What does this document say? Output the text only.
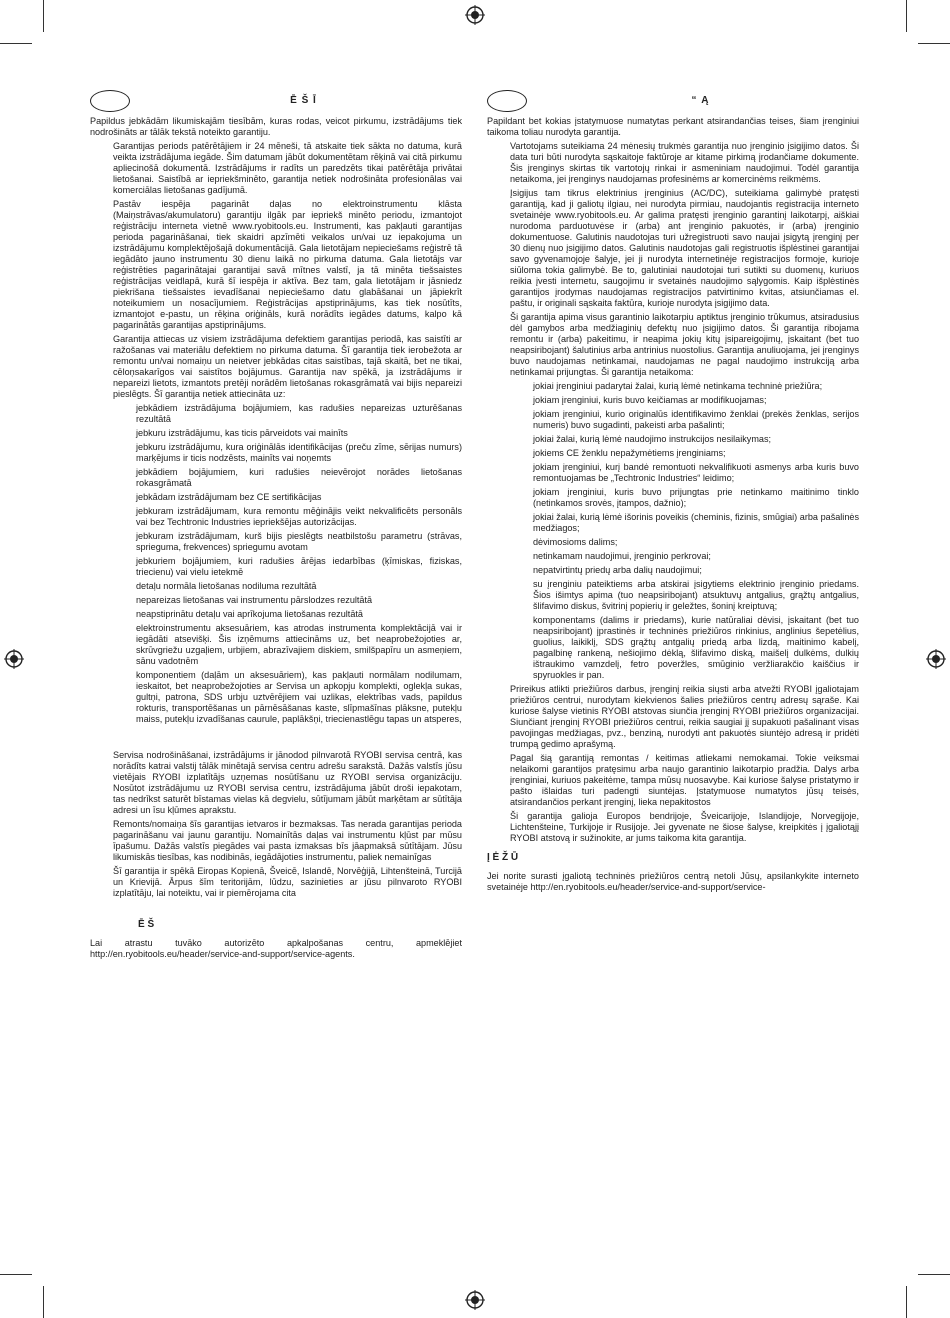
Ē Š Ī

Papildus jebkādām likumiskajām tiesībām, kuras rodas, veicot pirkumu, izstrādājums tiek nodrošināts ar tālāk tekstā noteikto garantiju.

Garantijas periods patērētājiem ir 24 mēneši, tā atskaite tiek sākta no datuma, kurā veikta izstrādājuma iegāde. Šim datumam jābūt dokumentētam rēķinā vai citā pirkumu apliecinošā dokumentā. Izstrādājums ir radīts un paredzēts tikai patērētāja privātai lietošanai. Saistībā ar iepriekšminēto, garantija netiek nodrošināta profesionālas vai komerciālas lietošanas gadījumā.

Pastāv iespēja pagarināt daļas no elektroinstrumentu klāsta (Maiņstrāvas/akumulatoru) garantiju ilgāk par iepriekš minēto periodu, izmantojot reģistrāciju interneta vietnē www.ryobitools.eu. Instrumenti, kas pakļauti garantijas perioda pagarināšanai, tiek skaidri apzīmēti veikalos un/vai uz iepakojuma un izstrādājumu komplektējošajā dokumentācijā. Gala lietotājam nepieciešams reģistrē tā iegādāto jauno instrumentu 30 dienu laikā no pirkuma datuma. Gala lietotājs var reģistrēties pagarinātajai garantijai savā mītnes valstī, ja tā minēta tiešsaistes reģistrācijas veidlapā, kurā šī iespēja ir aktīva. Bez tam, gala lietotājam ir jāsniedz piekrišana tiešsaistes ievadīšanai nepieciešamo datu glabāšanai un jāpiekrīt noteikumiem un nosacījumiem. Reģistrācijas apstiprinājums, kas tiek nosūtīts, izmantojot e-pastu, un rēķina oriģināls, kurā norādīts iegādes datums, kalpo kā pagarinātās garantijas apstiprinājums.

Garantija attiecas uz visiem izstrādājuma defektiem garantijas periodā, kas saistīti ar ražošanas vai materiālu defektiem no pirkuma datuma. Šī garantija tiek ierobežota ar remontu un/vai nomaiņu un neietver jebkādas citas saistības, tajā skaitā, bet ne tikai, cēloņsakarīgos vai saistītos bojājumus. Garantija nav spēkā, ja izstrādājums ir nepareizi lietots, izmantots pretēji norādēm lietošanas rokasgrāmatā vai bijis nepareizi pieslēgts. Šī garantija netiek attiecināta uz:

jebkādiem izstrādājuma bojājumiem, kas radušies nepareizas uzturēšanas rezultātā
jebkuru izstrādājumu, kas ticis pārveidots vai mainīts
jebkuru izstrādājumu, kura oriģinālās identifikācijas (preču zīme, sērijas numurs) marķējums ir ticis nodzēsts, mainīts vai noņemts
jebkādiem bojājumiem, kuri radušies neievērojot norādes lietošanas rokasgrāmatā
jebkādam izstrādājumam bez CE sertifikācijas
jebkuram izstrādājumam, kura remontu mēģinājis veikt nekvalificēts personāls vai bez Techtronic Industries iepriekšējas autorizācijas.
jebkuram izstrādājumam, kurš bijis pieslēgts neatbilstošu parametru (strāvas, sprieguma, frekvences) spriegumu avotam
jebkuriem bojājumiem, kuri radušies ārējas iedarbības (ķīmiskas, fiziskas, triecienu) vai vielu ietekmē
detaļu normāla lietošanas nodiluma rezultātā
nepareizas lietošanas vai instrumentu pārslodzes rezultātā
neapstiprinātu detaļu vai aprīkojuma lietošanas rezultātā
elektroinstrumentu aksesuāriem, kas atrodas instrumenta komplektācijā vai ir iegādāti atsevišķi. Šis izņēmums attiecināms uz, bet neaprobežojoties ar, skrūvgriežu uzgaļiem, urbjiem, abrazīvajiem diskiem, smilšpapīru un asmeņiem, sānu vadotnēm
komponentiem (daļām un aksesuāriem), kas pakļauti normālam nodilumam, ieskaitot, bet neaprobežojoties ar Servisa un apkopju komplekti, oglekļa sukas, gultņi, patrona, SDS urbju uztvērējiem vai uzlikas, elektrības vads, papildus rokturis, transportēšanas un pārnēsāšanas kaste, slīpmašīnas plāksne, putekļu maiss, putekļu izvadīšanas caurule, paplākšņi, triecienastlēgu tapas un atsperes,

Servisa nodrošināšanai, izstrādājums ir jānodod pilnvarotā RYOBI servisa centrā, kas norādīts katrai valstij tālāk minētajā servisa centru adrešu sarakstā. Dažās valstīs jūsu vietējais RYOBI izplatītājs uzņemas nosūtīšanu uz RYOBI servisa organizāciju. Nosūtot izstrādājumu uz RYOBI servisa centru, izstrādājuma jābūt droši iepakotam, tas nedrīkst saturēt bīstamas vielas kā degvielu, sūtījumam jābūt marķētam ar sūtītāja adresi un īsu kļūmes aprakstu.

Remonts/nomaiņa šīs garantijas ietvaros ir bezmaksas. Tas nerada garantijas perioda pagarināšanu vai jaunu garantiju. Nomainītās daļas vai instrumentu kļūst par mūsu īpašumu. Dažās valstīs piegādes vai pasta izmaksas bīs jāapmaksā sūtītājam. Jūsu likumiskās tiesības, kas nodibinās, iegādājoties instrumentu, paliek nemainīgas

Šī garantija ir spēkā Eiropas Kopienā, Šveicē, Islandē, Norvēģijā, Lihtenšteinā, Turcijā un Krievijā. Ārpus šīm teritorijām, lūdzu, sazinieties ar jūsu pilnvaroto RYOBI izplatītāju, lai noteiktu, vai ir piemērojama cita

Ē Š

Lai atrastu tuvāko autorizēto apkalpošanas centru, apmeklējiet http://en.ryobitools.eu/header/service-and-support/service-agents.

“ Ą

Papildant bet kokias įstatymuose numatytas perkant atsirandančias teises, šiam įrenginiui taikoma toliau nurodyta garantija.

Vartotojams suteikiama 24 mėnesių trukmės garantija nuo įrenginio įsigijimo datos. Ši data turi būti nurodyta sąskaitoje faktūroje ar kitame pirkimą įrodančiame dokumente. Šis įrenginys skirtas tik vartotojų rinkai ir asmeniniam naudojimui. Todėl garantija netaikoma, jei įrenginys naudojamas profesinėms ar komercinėms reikmėms.

Įsigijus tam tikrus elektrinius įrenginius (AC/DC), suteikiama galimybė pratęsti garantiją, kad ji galiotų ilgiau, nei nurodyta pirmiau, naudojantis registracija interneto svetainėje www.ryobitools.eu. Ar galima pratęsti įrenginio garantinį laikotarpį, aiškiai nurodoma parduotuvėse ir (arba) ant įrenginio pakuotės, ir (arba) įrenginio dokumentuose. Galutinis naudotojas turi užregistruoti savo naujai įsigytą įrenginį per 30 dienų nuo įsigijimo datos. Galutinis naudotojas gali registruotis išplėstinei garantijai savo gyvenamojoje šalyje, jei ji nurodyta internetinėje registracijos formoje, kurioje siūloma tokia galimybė. Be to, galutiniai naudotojai turi sutikti su duomenų, kuriuos reikia įvesti internetu, saugojimu ir svetainės naudojimo sąlygomis. Kaip išplėstinės garantijos įrodymas naudojamas registracijos patvirtinimo kvitas, atsiunčiamas el. paštu, ir originali sąskaita faktūra, kurioje nurodyta įsigijimo data.

Ši garantija apima visus garantinio laikotarpiu aptiktus įrenginio trūkumus, atsiradusius dėl gamybos arba medžiaginių defektų nuo įsigijimo datos. Ši garantija ribojama remontu ir (arba) pakeitimu, ir neapima jokių kitų įsipareigojimų, įskaitant (bet tuo neapsiribojant) šalutinius arba antrinius nuostolius. Garantija anuliuojama, jei įrenginys buvo naudojamas netinkamai, naudojamas ne pagal naudojimo instrukciją arba netinkamai prijungtas. Ši garantija netaikoma:

jokiai įrenginiui padarytai žalai, kurią lėmė netinkama techninė priežiūra;
jokiam įrenginiui, kuris buvo keičiamas ar modifikuojamas;
jokiam įrenginiui, kurio originalūs identifikavimo ženklai (prekės ženklas, serijos numeris) buvo sugadinti, pakeisti arba pašalinti;
jokiai žalai, kurią lėmė naudojimo instrukcijos nesilaikymas;
jokiems CE ženklu nepažymėtiems įrenginiams;
jokiam įrenginiui, kurį bandė remontuoti nekvalifikuoti asmenys arba kuris buvo remontuojamas be „Techtronic Industries“ leidimo;
jokiam įrenginiui, kuris buvo prijungtas prie netinkamo maitinimo tinklo (netinkamos srovės, įtampos, dažnio);
jokiai žalai, kurią lėmė išorinis poveikis (cheminis, fizinis, smūgiai) arba pašalinės medžiagos;
dėvimosioms dalims;
netinkamam naudojimui, įrenginio perkrovai;
nepatvirtintų priedų arba dalių naudojimui;
su įrenginiu pateiktiems arba atskirai įsigytiems elektrinio įrenginio priedams. Šios išimtys apima (tuo neapsiribojant) atsuktuvų antgalius, grąžtų antgalius, šlifavimo diskus, švitrinį popierių ir geležtes, šoninį kreiptuvą;
komponentams (dalims ir priedams), kurie natūraliai dėvisi, įskaitant (bet tuo neapsiribojant) įprastinės ir techninės priežiūros rinkinius, anglinius šepetėlius, guolius, laikiklį, SDS grąžtų antgalių priedą arba lizdą, maitinimo kabelį, pagalbinę rankeną, nešiojimo dėklą, šlifavimo diską, maišelį dulkėms, dulkių ištraukimo vamzdelį, fetro poveržles, smūginio veržliarakčio kaiščius ir spyruokles ir pan.

Prireikus atlikti priežiūros darbus, įrenginį reikia siųsti arba atvežti RYOBI įgaliotajam priežiūros centrui, nurodytam kiekvienos šalies priežiūros centrų adresų sąraše. Kai kuriose šalyse vietinis RYOBI atstovas siunčia įrenginį RYOBI priežiūros organizacijai. Siunčiant įrenginį RYOBI priežiūros centrui, reikia saugiai jį supakuoti pašalinant visas pavojingas medžiagas, pvz., benziną, nurodyti ant pakuotės siuntėjo adresą ir pridėti trumpą gedimo aprašymą.

Pagal šią garantiją remontas / keitimas atliekami nemokamai. Tokie veiksmai nelaikomi garantijos pratęsimu arba naujo garantinio laikotarpio pradžia. Dalys arba įrenginiai, kuriuos pakeitėme, tampa mūsų nuosavybe. Kai kuriose šalyse pristatymo ir pašto išlaidas turi padengti siuntėjas. Įstatymuose numatytos jūsų teisės, atsirandančios perkant įrenginį, lieka nepakitostos

Ši garantija galioja Europos bendrijoje, Šveicarijoje, Islandijoje, Norvegijoje, Lichtenšteine, Turkijoje ir Rusijoje. Jei gyvenate ne šiose šalyse, kreipkitės į įgaliotąjį RYOBI atstovą ir sužinokite, ar jums taikoma kita garantija.

Į Ė Ž Ū

Jei norite surasti įgaliotą techninės priežiūros centrą netoli Jūsų, apsilankykite interneto svetainėje http://en.ryobitools.eu/header/service-and-support/service-
